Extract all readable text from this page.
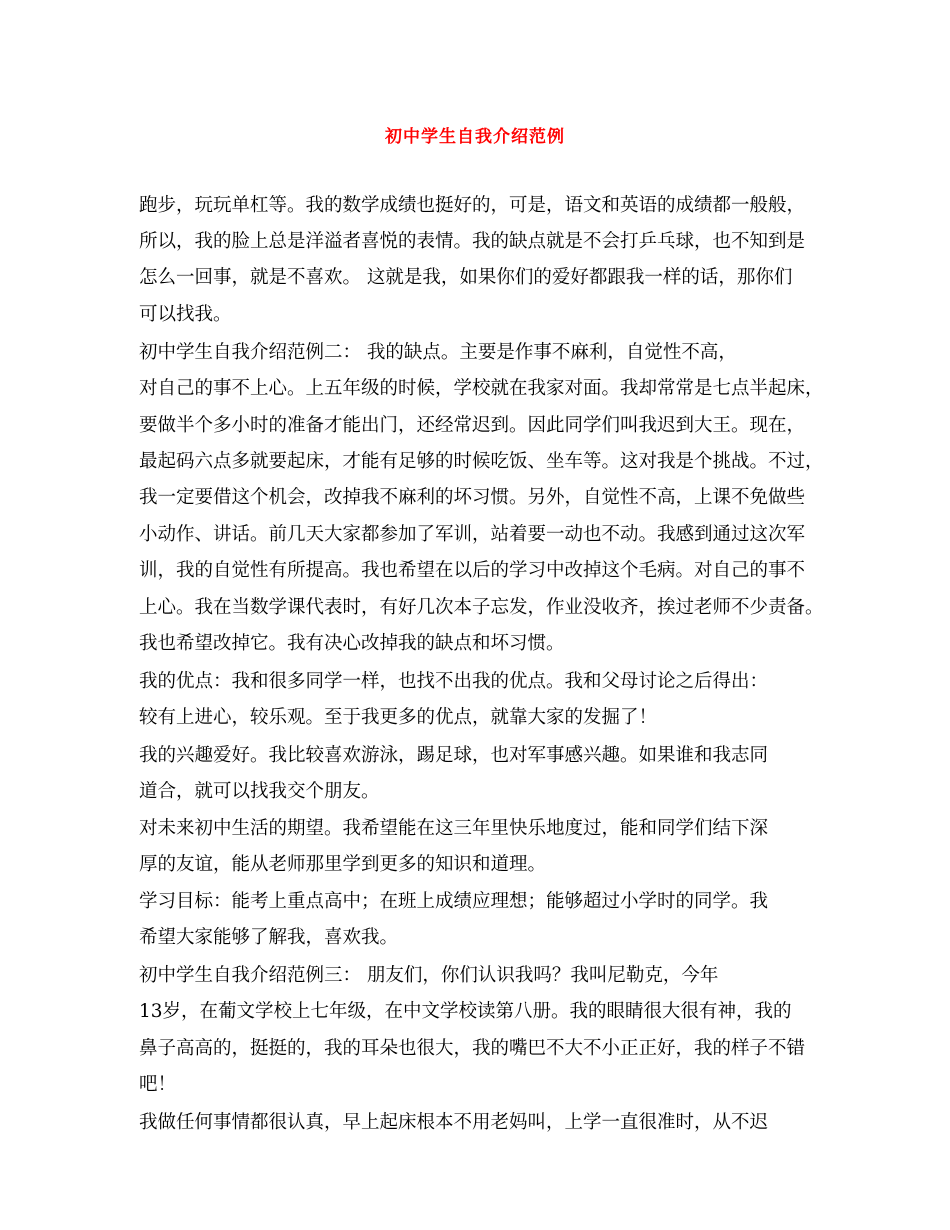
初中学生自我介绍范例

跑步，玩玩单杠等。我的数学成绩也挺好的，可是，语文和英语的成绩都一般般，

所以，我的脸上总是洋溢者喜悦的表情。我的缺点就是不会打乒乓球，也不知到是

怎么一回事，就是不喜欢。 这就是我，如果你们的爱好都跟我一样的话，那你们

可以找我。

初中学生自我介绍范例二： 我的缺点。主要是作事不麻利，自觉性不高，

对自己的事不上心。上五年级的时候，学校就在我家对面。我却常常是七点半起床，

要做半个多小时的准备才能出门，还经常迟到。因此同学们叫我迟到大王。现在，

最起码六点多就要起床，才能有足够的时候吃饭、坐车等。这对我是个挑战。不过，

我一定要借这个机会，改掉我不麻利的坏习惯。另外，自觉性不高，上课不免做些

小动作、讲话。前几天大家都参加了军训，站着要一动也不动。我感到通过这次军

训，我的自觉性有所提高。我也希望在以后的学习中改掉这个毛病。对自己的事不

上心。我在当数学课代表时，有好几次本子忘发，作业没收齐，挨过老师不少责备。

我也希望改掉它。我有决心改掉我的缺点和坏习惯。

我的优点：我和很多同学一样，也找不出我的优点。我和父母讨论之后得出：

较有上进心，较乐观。至于我更多的优点，就靠大家的发掘了！

我的兴趣爱好。我比较喜欢游泳，踢足球，也对军事感兴趣。如果谁和我志同

道合，就可以找我交个朋友。

对未来初中生活的期望。我希望能在这三年里快乐地度过，能和同学们结下深

厚的友谊，能从老师那里学到更多的知识和道理。

学习目标：能考上重点高中；在班上成绩应理想；能够超过小学时的同学。我

希望大家能够了解我，喜欢我。

初中学生自我介绍范例三： 朋友们，你们认识我吗？我叫尼勒克，今年

13岁，在葡文学校上七年级，在中文学校读第八册。我的眼睛很大很有神，我的

鼻子高高的，挺挺的，我的耳朵也很大，我的嘴巴不大不小正正好，我的样子不错

吧！

我做任何事情都很认真，早上起床根本不用老妈叫，上学一直很准时，从不迟
